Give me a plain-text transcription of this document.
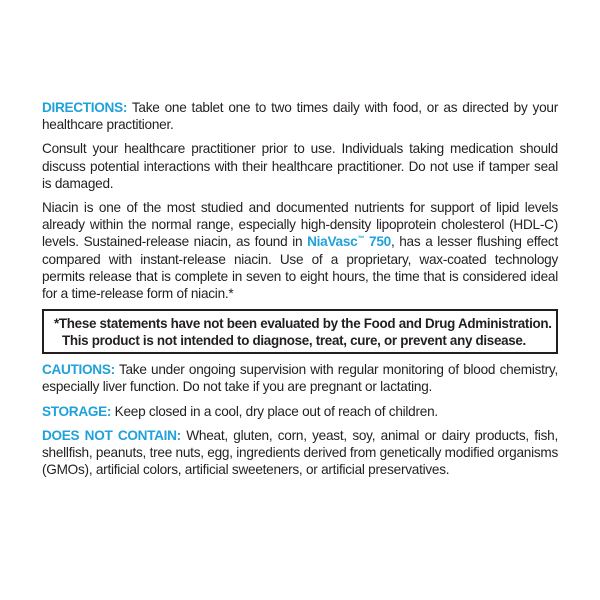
DIRECTIONS: Take one tablet one to two times daily with food, or as directed by your healthcare practitioner.

Consult your healthcare practitioner prior to use. Individuals taking medication should discuss potential interactions with their healthcare practitioner. Do not use if tamper seal is damaged.

Niacin is one of the most studied and documented nutrients for support of lipid levels already within the normal range, especially high-density lipoprotein cholesterol (HDL-C) levels. Sustained-release niacin, as found in NiaVasc™ 750, has a lesser flushing effect compared with instant-release niacin. Use of a proprietary, wax-coated technology permits release that is complete in seven to eight hours, the time that is considered ideal for a time-release form of niacin.*

*These statements have not been evaluated by the Food and Drug Administration.
This product is not intended to diagnose, treat, cure, or prevent any disease.

CAUTIONS: Take under ongoing supervision with regular monitoring of blood chemistry, especially liver function. Do not take if you are pregnant or lactating.

STORAGE: Keep closed in a cool, dry place out of reach of children.

DOES NOT CONTAIN: Wheat, gluten, corn, yeast, soy, animal or dairy products, fish, shellfish, peanuts, tree nuts, egg, ingredients derived from genetically modified organisms (GMOs), artificial colors, artificial sweeteners, or artificial preservatives.
